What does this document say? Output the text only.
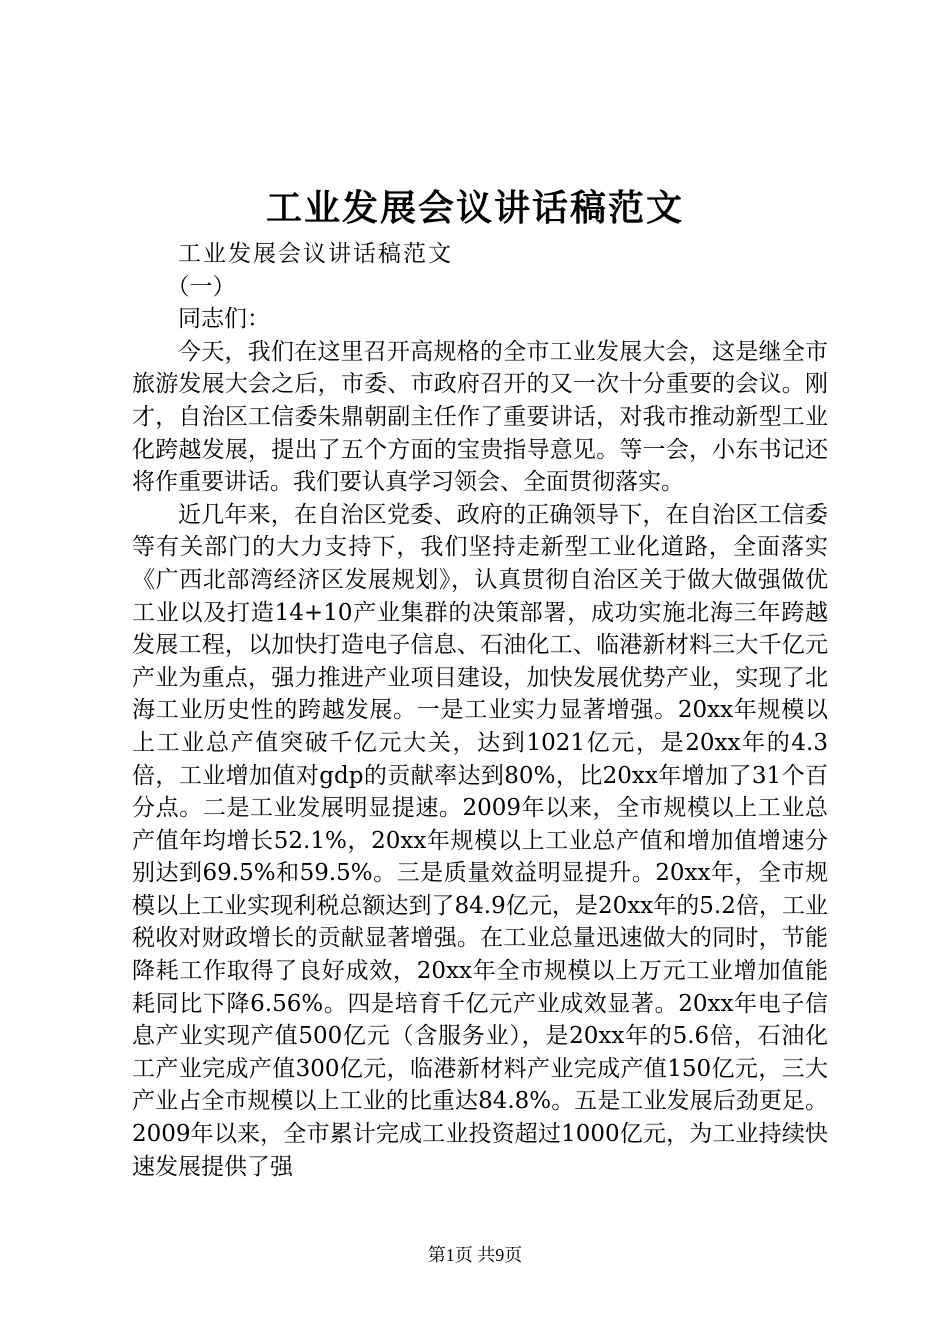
工业发展会议讲话稿范文

工业发展会议讲话稿范文

（一）

同志们：

今天，我们在这里召开高规格的全市工业发展大会，这是继全市旅游发展大会之后，市委、市政府召开的又一次十分重要的会议。刚才，自治区工信委朱鼎朝副主任作了重要讲话，对我市推动新型工业化跨越发展，提出了五个方面的宝贵指导意见。等一会，小东书记还将作重要讲话。我们要认真学习领会、全面贯彻落实。

近几年来，在自治区党委、政府的正确领导下，在自治区工信委等有关部门的大力支持下，我们坚持走新型工业化道路，全面落实《广西北部湾经济区发展规划》，认真贯彻自治区关于做大做强做优工业以及打造14+10产业集群的决策部署，成功实施北海三年跨越发展工程，以加快打造电子信息、石油化工、临港新材料三大千亿元产业为重点，强力推进产业项目建设，加快发展优势产业，实现了北海工业历史性的跨越发展。一是工业实力显著增强。20xx年规模以上工业总产值突破千亿元大关，达到1021亿元，是20xx年的4.3倍，工业增加值对gdp的贡献率达到80%，比20xx年增加了31个百分点。二是工业发展明显提速。2009年以来，全市规模以上工业总产值年均增长52.1%，20xx年规模以上工业总产值和增加值增速分别达到69.5%和59.5%。三是质量效益明显提升。20xx年，全市规模以上工业实现利税总额达到了84.9亿元，是20xx年的5.2倍，工业税收对财政增长的贡献显著增强。在工业总量迅速做大的同时，节能降耗工作取得了良好成效，20xx年全市规模以上万元工业增加值能耗同比下降6.56%。四是培育千亿元产业成效显著。20xx年电子信息产业实现产值500亿元（含服务业），是20xx年的5.6倍，石油化工产业完成产值300亿元，临港新材料产业完成产值150亿元，三大产业占全市规模以上工业的比重达84.8%。五是工业发展后劲更足。2009年以来，全市累计完成工业投资超过1000亿元，为工业持续快速发展提供了强

第1页 共9页
